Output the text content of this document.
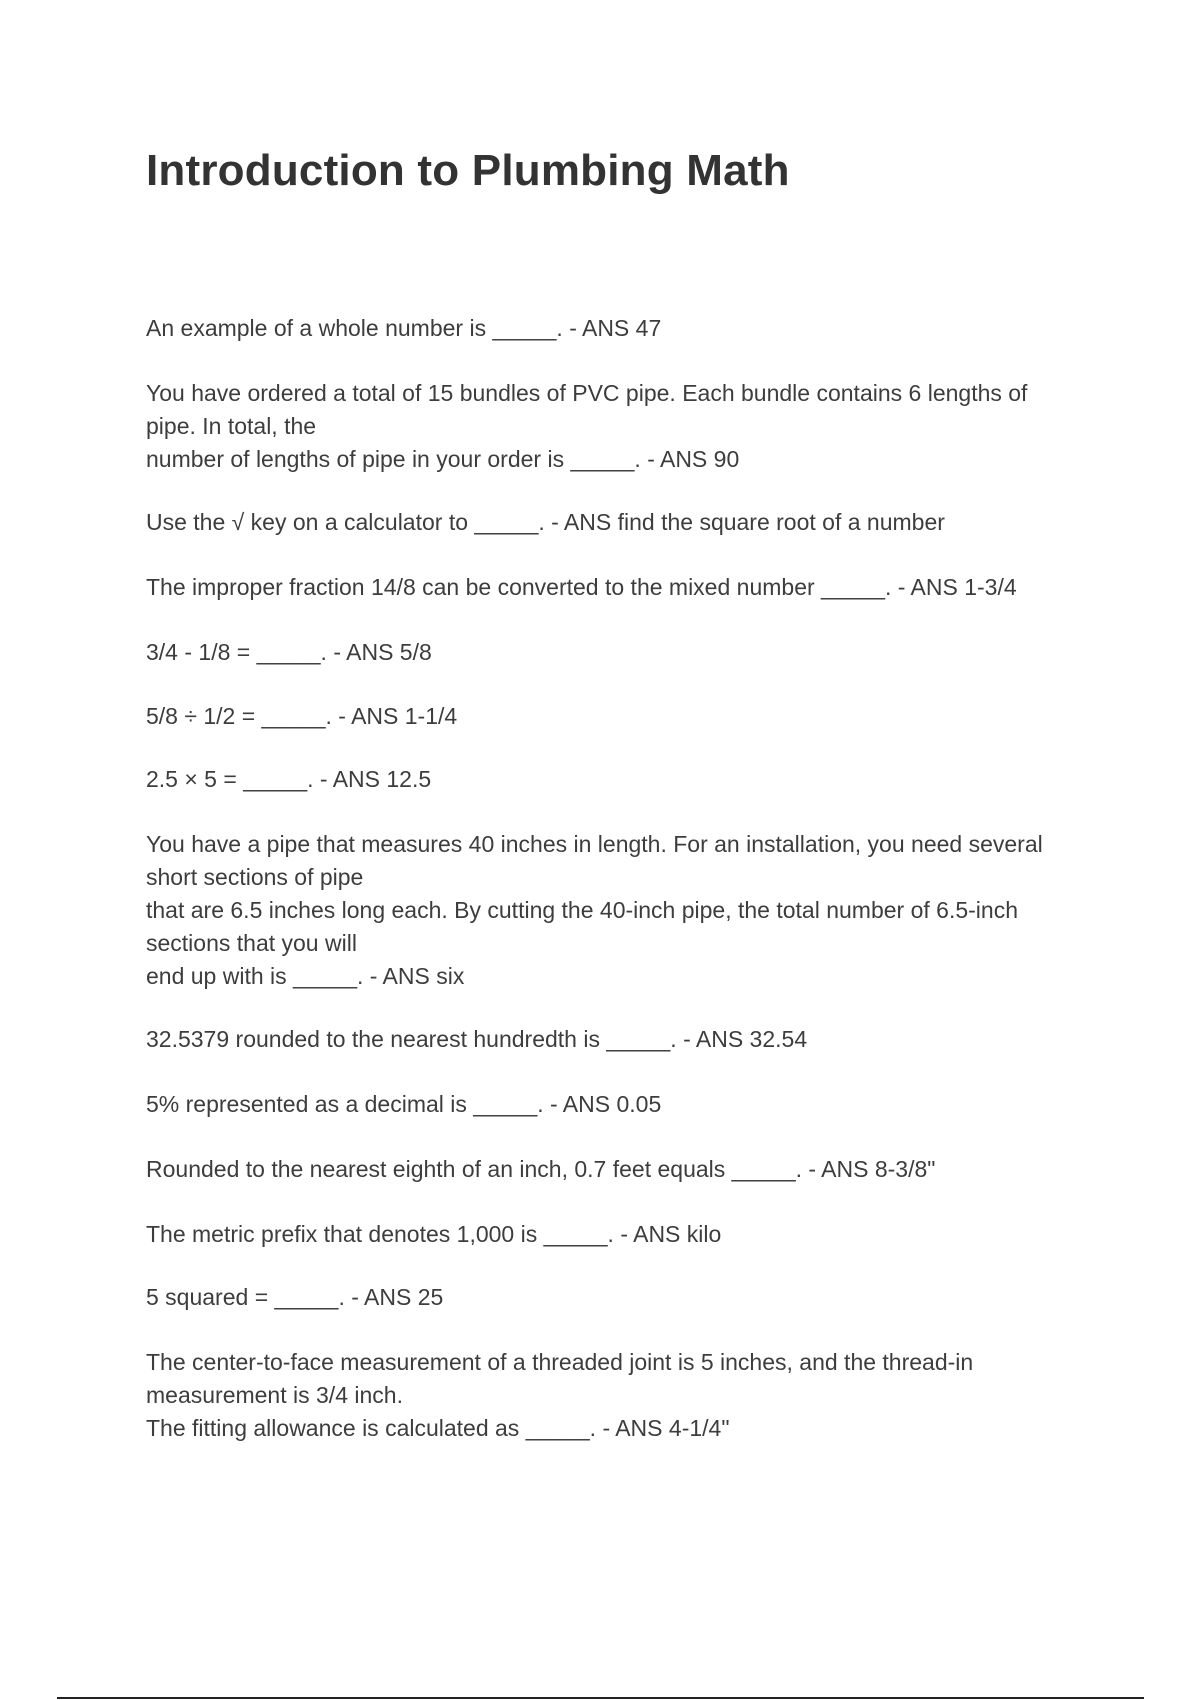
Introduction to Plumbing Math

An example of a whole number is _____. - ANS 47

You have ordered a total of 15 bundles of PVC pipe. Each bundle contains 6 lengths of
pipe. In total, the
number of lengths of pipe in your order is _____. - ANS 90

Use the √ key on a calculator to _____. - ANS find the square root of a number

The improper fraction 14/8 can be converted to the mixed number _____. - ANS 1-3/4

3/4 - 1/8 = _____. - ANS 5/8

5/8 ÷ 1/2 = _____. - ANS 1-1/4

2.5 × 5 = _____. - ANS 12.5

You have a pipe that measures 40 inches in length. For an installation, you need several
short sections of pipe
that are 6.5 inches long each. By cutting the 40-inch pipe, the total number of 6.5-inch
sections that you will
end up with is _____. - ANS six

32.5379 rounded to the nearest hundredth is _____. - ANS 32.54

5% represented as a decimal is _____. - ANS 0.05

Rounded to the nearest eighth of an inch, 0.7 feet equals _____. - ANS 8-3/8"

The metric prefix that denotes 1,000 is _____. - ANS kilo

5 squared = _____. - ANS 25

The center-to-face measurement of a threaded joint is 5 inches, and the thread-in
measurement is 3/4 inch.
The fitting allowance is calculated as _____. - ANS 4-1/4"
